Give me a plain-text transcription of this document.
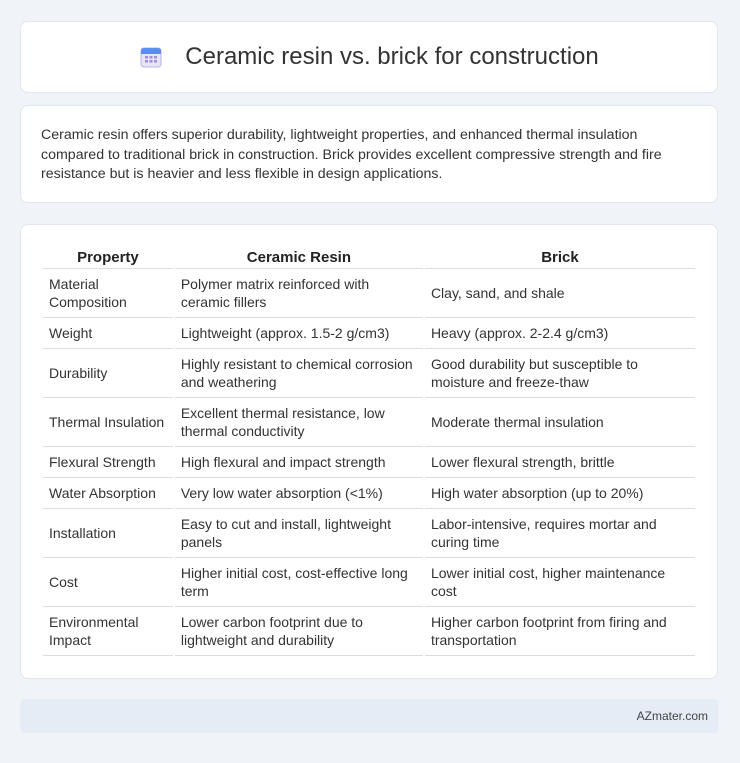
Ceramic resin vs. brick for construction

Ceramic resin offers superior durability, lightweight properties, and enhanced thermal insulation compared to traditional brick in construction. Brick provides excellent compressive strength and fire resistance but is heavier and less flexible in design applications.

Property	Ceramic Resin	Brick
Material Composition	Polymer matrix reinforced with ceramic fillers	Clay, sand, and shale
Weight	Lightweight (approx. 1.5-2 g/cm3)	Heavy (approx. 2-2.4 g/cm3)
Durability	Highly resistant to chemical corrosion and weathering	Good durability but susceptible to moisture and freeze-thaw
Thermal Insulation	Excellent thermal resistance, low thermal conductivity	Moderate thermal insulation
Flexural Strength	High flexural and impact strength	Lower flexural strength, brittle
Water Absorption	Very low water absorption (<1%)	High water absorption (up to 20%)
Installation	Easy to cut and install, lightweight panels	Labor-intensive, requires mortar and curing time
Cost	Higher initial cost, cost-effective long term	Lower initial cost, higher maintenance cost
Environmental Impact	Lower carbon footprint due to lightweight and durability	Higher carbon footprint from firing and transportation
AZmater.com
